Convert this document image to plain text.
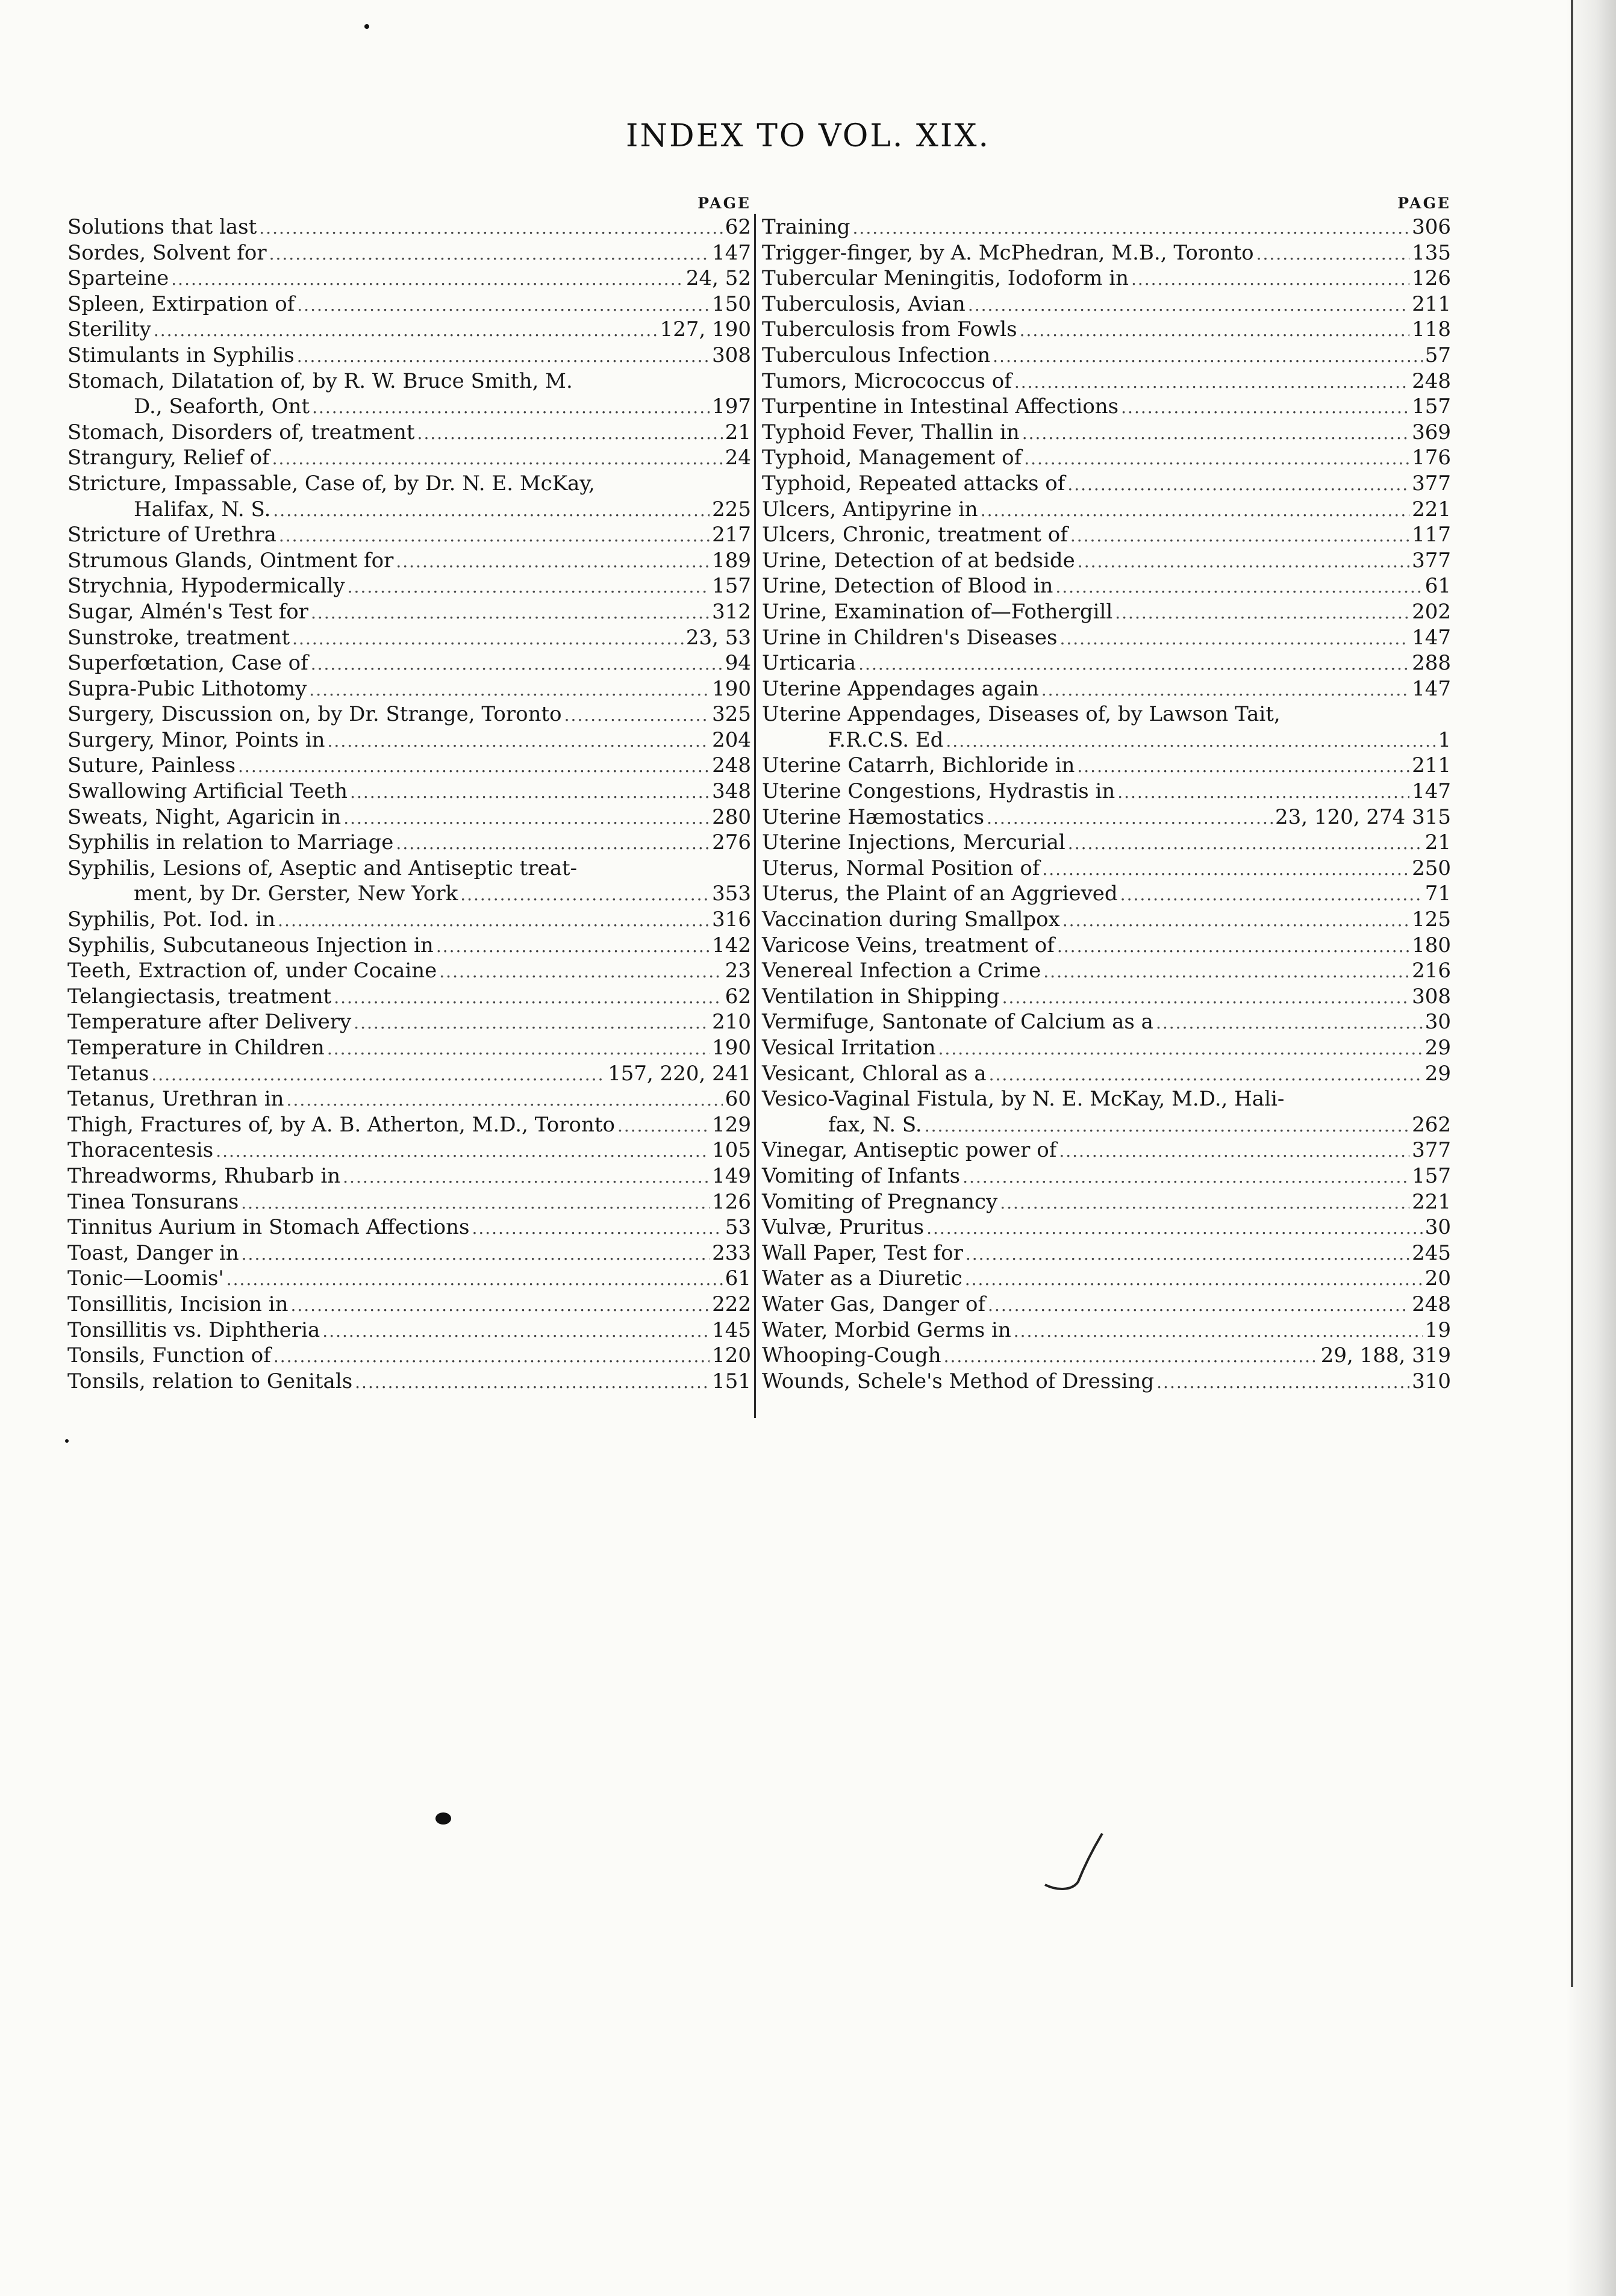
INDEX TO VOL. XIX.
PAGE
Solutions that last .....	62
Sordes, Solvent for .....	147
Sparteine .....	24, 52
Spleen, Extirpation of .....	150
Sterility .....	127, 190
Stimulants in Syphilis .....	308
Stomach, Dilatation of, by R. W. Bruce Smith, M.
D., Seaforth, Ont .....	197
Stomach, Disorders of, treatment .....	21
Strangury, Relief of .....	24
Stricture, Impassable, Case of, by Dr. N. E. McKay,
Halifax, N. S. .....	225
Stricture of Urethra .....	217
Strumous Glands, Ointment for .....	189
Strychnia, Hypodermically .....	157
Sugar, Almén's Test for .....	312
Sunstroke, treatment .....	23, 53
Superfœtation, Case of .....	94
Supra-Pubic Lithotomy .....	190
Surgery, Discussion on, by Dr. Strange, Toronto .....	325
Surgery, Minor, Points in .....	204
Suture, Painless .....	248
Swallowing Artificial Teeth .....	348
Sweats, Night, Agaricin in .....	280
Syphilis in relation to Marriage .....	276
Syphilis, Lesions of, Aseptic and Antiseptic treat-
ment, by Dr. Gerster, New York .....	353
Syphilis, Pot. Iod. in .....	316
Syphilis, Subcutaneous Injection in .....	142
Teeth, Extraction of, under Cocaine .....	23
Telangiectasis, treatment .....	62
Temperature after Delivery .....	210
Temperature in Children .....	190
Tetanus .....	157, 220, 241
Tetanus, Urethran in .....	60
Thigh, Fractures of, by A. B. Atherton, M.D., Toronto .....	129
Thoracentesis .....	105
Threadworms, Rhubarb in .....	149
Tinea Tonsurans .....	126
Tinnitus Aurium in Stomach Affections .....	53
Toast, Danger in .....	233
Tonic—Loomis' .....	61
Tonsillitis, Incision in .....	222
Tonsillitis vs. Diphtheria .....	145
Tonsils, Function of .....	120
Tonsils, relation to Genitals .....	151
PAGE
Training .....	306
Trigger-finger, by A. McPhedran, M.B., Toronto .....	135
Tubercular Meningitis, Iodoform in .....	126
Tuberculosis, Avian .....	211
Tuberculosis from Fowls .....	118
Tuberculous Infection .....	57
Tumors, Micrococcus of .....	248
Turpentine in Intestinal Affections .....	157
Typhoid Fever, Thallin in .....	369
Typhoid, Management of .....	176
Typhoid, Repeated attacks of .....	377
Ulcers, Antipyrine in .....	221
Ulcers, Chronic, treatment of .....	117
Urine, Detection of at bedside .....	377
Urine, Detection of Blood in .....	61
Urine, Examination of—Fothergill .....	202
Urine in Children's Diseases .....	147
Urticaria .....	288
Uterine Appendages again .....	147
Uterine Appendages, Diseases of, by Lawson Tait,
F.R.C.S. Ed .....	1
Uterine Catarrh, Bichloride in .....	211
Uterine Congestions, Hydrastis in .....	147
Uterine Hæmostatics .....	23, 120, 274 315
Uterine Injections, Mercurial .....	21
Uterus, Normal Position of .....	250
Uterus, the Plaint of an Aggrieved .....	71
Vaccination during Smallpox .....	125
Varicose Veins, treatment of .....	180
Venereal Infection a Crime .....	216
Ventilation in Shipping .....	308
Vermifuge, Santonate of Calcium as a .....	30
Vesical Irritation .....	29
Vesicant, Chloral as a .....	29
Vesico-Vaginal Fistula, by N. E. McKay, M.D., Hali-
fax, N. S. .....	262
Vinegar, Antiseptic power of .....	377
Vomiting of Infants .....	157
Vomiting of Pregnancy .....	221
Vulvæ, Pruritus .....	30
Wall Paper, Test for .....	245
Water as a Diuretic .....	20
Water Gas, Danger of .....	248
Water, Morbid Germs in .....	19
Whooping-Cough .....	29, 188, 319
Wounds, Schele's Method of Dressing .....	310
